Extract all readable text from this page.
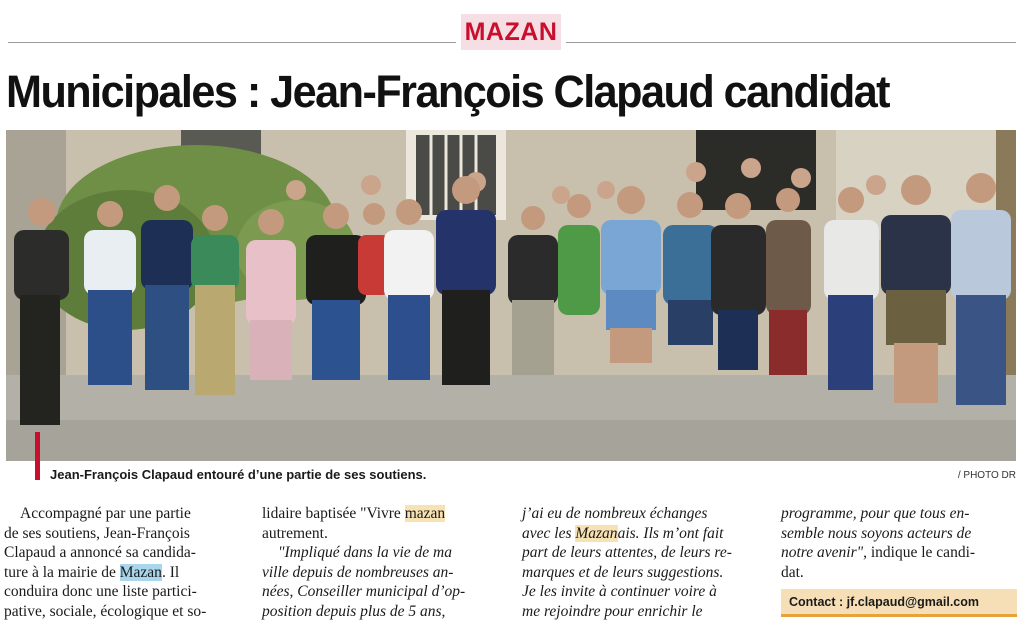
MAZAN
Municipales : Jean-François Clapaud candidat
Jean-François Clapaud entouré d’une partie de ses soutiens.	/ PHOTO DR
Accompagné par une partie
de ses soutiens, Jean-François
Clapaud a annoncé sa candida-
ture à la mairie de Mazan. Il
conduira donc une liste partici-
pative, sociale, écologique et so-
lidaire baptisée "Vivre mazan
autrement.
"Impliqué dans la vie de ma
ville depuis de nombreuses an-
nées, Conseiller municipal d’op-
position depuis plus de 5 ans,
j’ai eu de nombreux échanges
avec les Mazanais. Ils m’ont fait
part de leurs attentes, de leurs re-
marques et de leurs suggestions.
Je les invite à continuer voire à
me rejoindre pour enrichir le
programme, pour que tous en-
semble nous soyons acteurs de
notre avenir", indique le candi-
dat.
Contact : jf.clapaud@gmail.com
